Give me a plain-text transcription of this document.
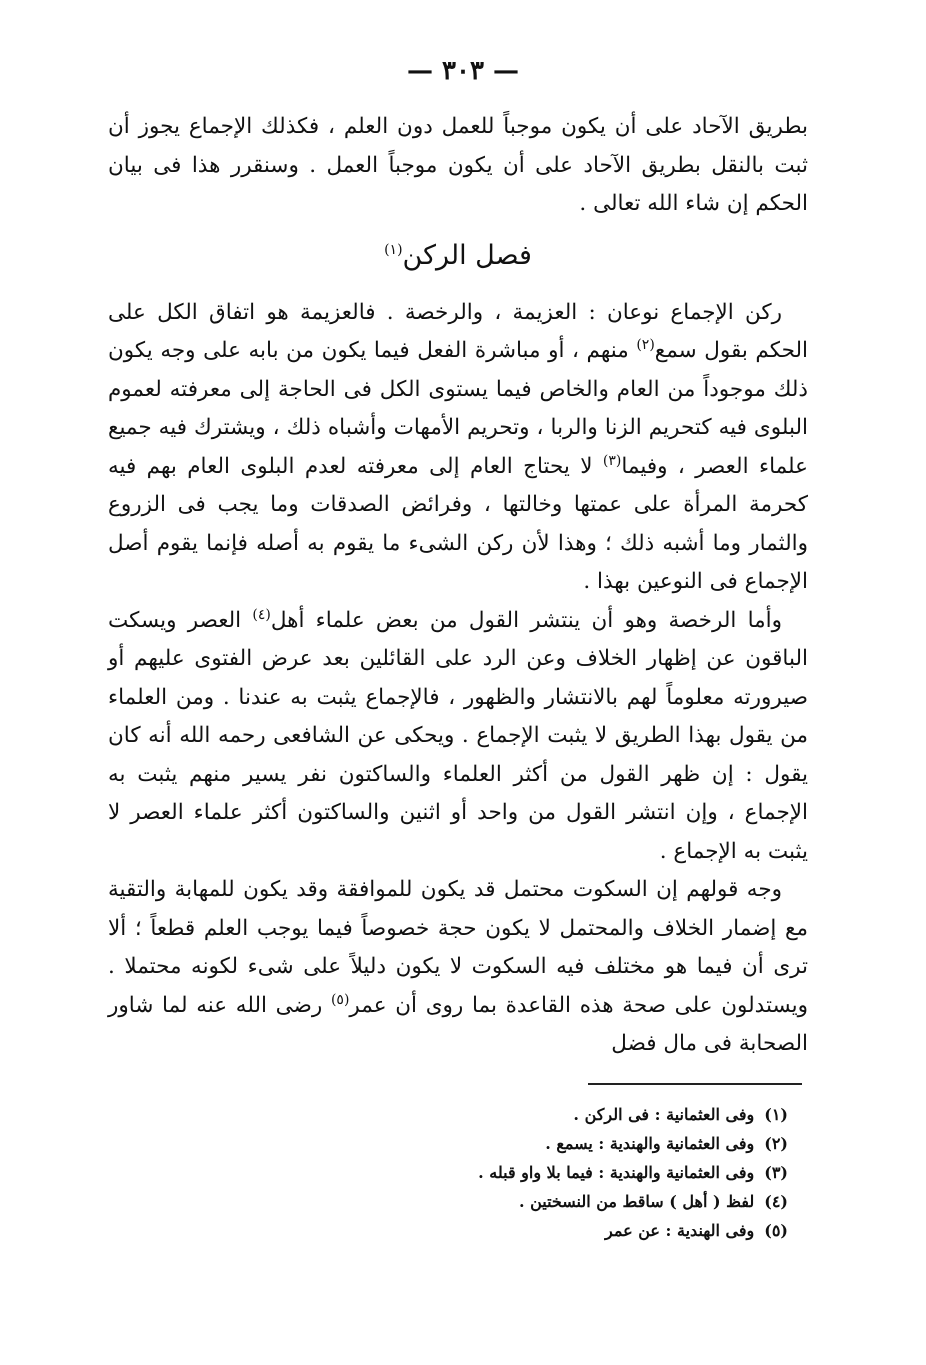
— ٣٠٣ —

بطريق الآحاد على أن يكون موجباً للعمل دون العلم ، فكذلك الإجماع يجوز أن ثبت بالنقل بطريق الآحاد على أن يكون موجباً العمل . وسنقرر هذا فى بيان الحكم إن شاء الله تعالى .

فصل الركن$^{(١)}$

ركن الإجماع نوعان : العزيمة ، والرخصة . فالعزيمة هو اتفاق الكل على الحكم بقول سمع$^{(٢)}$ منهم ، أو مباشرة الفعل فيما يكون من بابه على وجه يكون ذلك موجوداً من العام والخاص فيما يستوى الكل فى الحاجة إلى معرفته لعموم البلوى فيه كتحريم الزنا والربا ، وتحريم الأمهات وأشباه ذلك ، ويشترك فيه جميع علماء العصر ، وفيما$^{(٣)}$ لا يحتاج العام إلى معرفته لعدم البلوى العام بهم فيه كحرمة المرأة على عمتها وخالتها ، وفرائض الصدقات وما يجب فى الزروع والثمار وما أشبه ذلك ؛ وهذا لأن ركن الشىء ما يقوم به أصله فإنما يقوم أصل الإجماع فى النوعين بهذا .

وأما الرخصة وهو أن ينتشر القول من بعض علماء أهل$^{(٤)}$ العصر ويسكت الباقون عن إظهار الخلاف وعن الرد على القائلين بعد عرض الفتوى عليهم أو صيرورته معلوماً لهم بالانتشار والظهور ، فالإجماع يثبت به عندنا . ومن العلماء من يقول بهذا الطريق لا يثبت الإجماع . ويحكى عن الشافعى رحمه الله أنه كان يقول : إن ظهر القول من أكثر العلماء والساكتون نفر يسير منهم يثبت به الإجماع ، وإن انتشر القول من واحد أو اثنين والساكتون أكثر علماء العصر لا يثبت به الإجماع .

وجه قولهم إن السكوت محتمل قد يكون للموافقة وقد يكون للمهابة والتقية مع إضمار الخلاف والمحتمل لا يكون حجة خصوصاً فيما يوجب العلم قطعاً ؛ ألا ترى أن فيما هو مختلف فيه السكوت لا يكون دليلاً على شىء لكونه محتملا . ويستدلون على صحة هذه القاعدة بما روى أن عمر$^{(٥)}$ رضى الله عنه لما شاور الصحابة فى مال فضل

(١)وفى العثمانية : فى الركن .
(٢)وفى العثمانية والهندية : يسمع .
(٣)وفى العثمانية والهندية : فيما بلا واو قبله .
(٤)لفظ ( أهل ) ساقط من النسختين .
(٥)وفى الهندية : عن عمر
